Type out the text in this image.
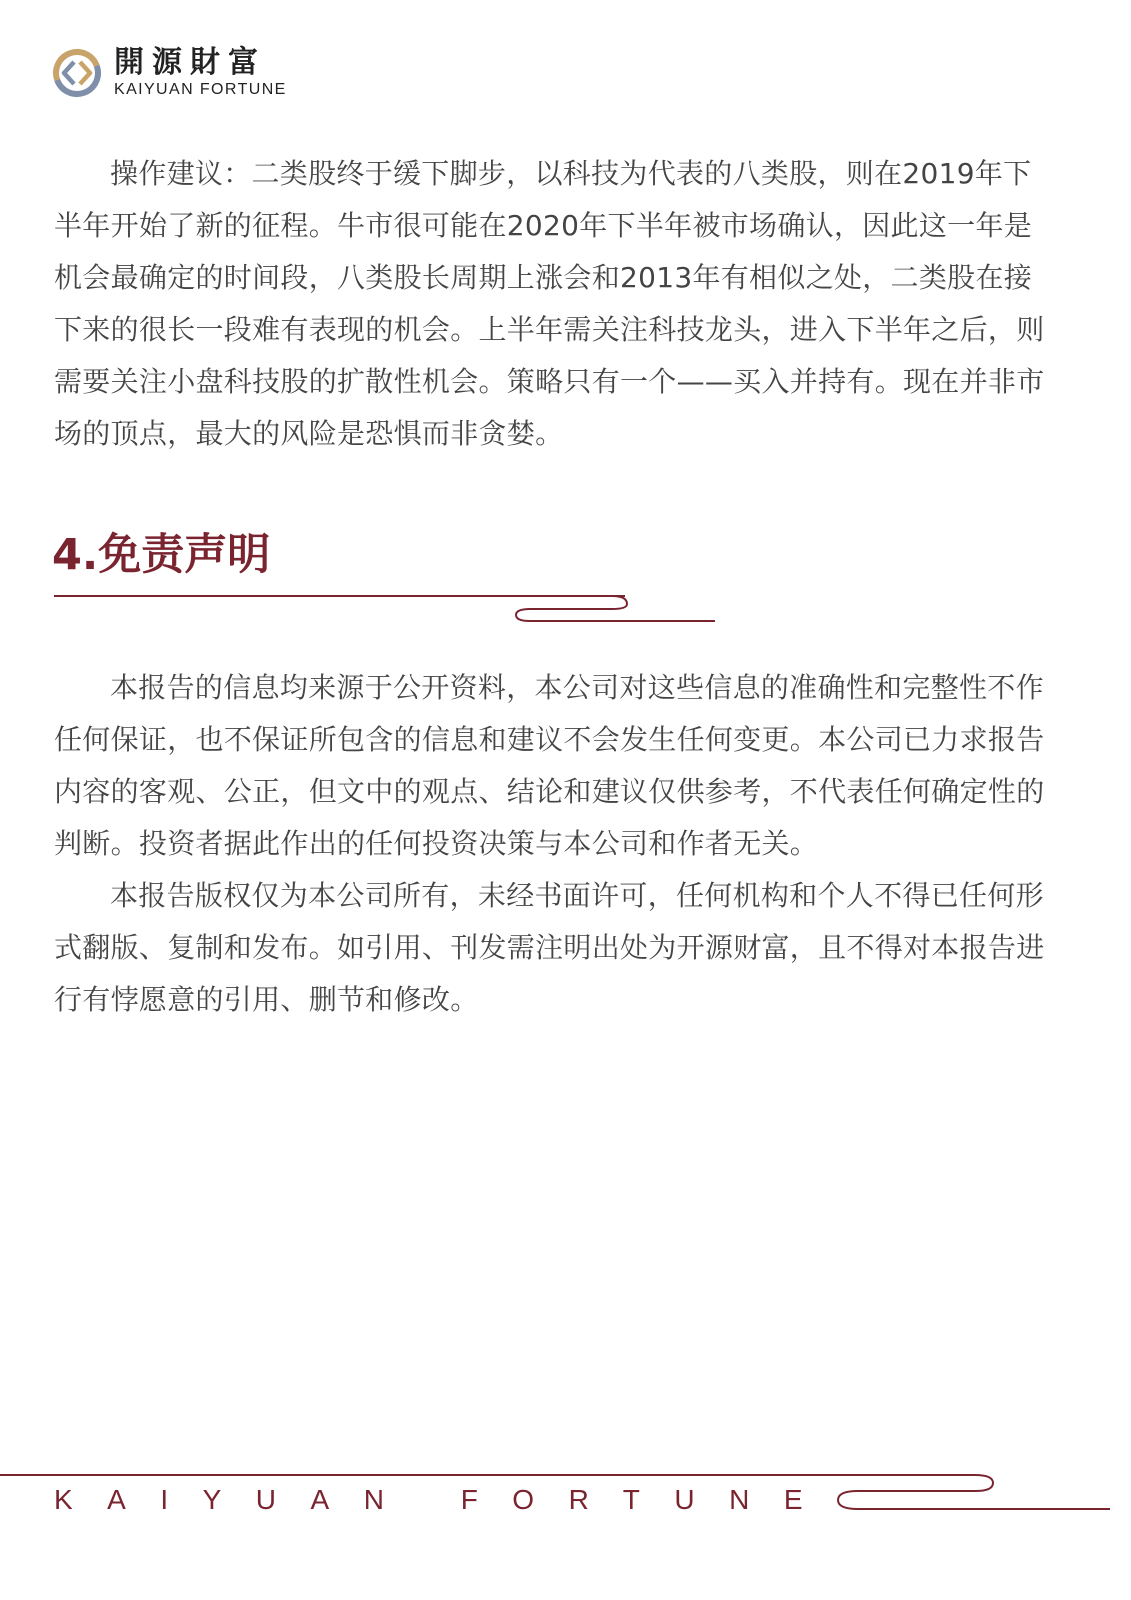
開源財富
KAIYUAN FORTUNE

操作建议：二类股终于缓下脚步，以科技为代表的八类股，则在2019年下半年开始了新的征程。牛市很可能在2020年下半年被市场确认，因此这一年是机会最确定的时间段，八类股长周期上涨会和2013年有相似之处，二类股在接下来的很长一段难有表现的机会。上半年需关注科技龙头，进入下半年之后，则需要关注小盘科技股的扩散性机会。策略只有一个——买入并持有。现在并非市场的顶点，最大的风险是恐惧而非贪婪。

4.免责声明

本报告的信息均来源于公开资料，本公司对这些信息的准确性和完整性不作任何保证，也不保证所包含的信息和建议不会发生任何变更。本公司已力求报告内容的客观、公正，但文中的观点、结论和建议仅供参考，不代表任何确定性的判断。投资者据此作出的任何投资决策与本公司和作者无关。

本报告版权仅为本公司所有，未经书面许可，任何机构和个人不得已任何形式翻版、复制和发布。如引用、刊发需注明出处为开源财富，且不得对本报告进行有悖愿意的引用、删节和修改。

KAIYUAN FORTUNE
